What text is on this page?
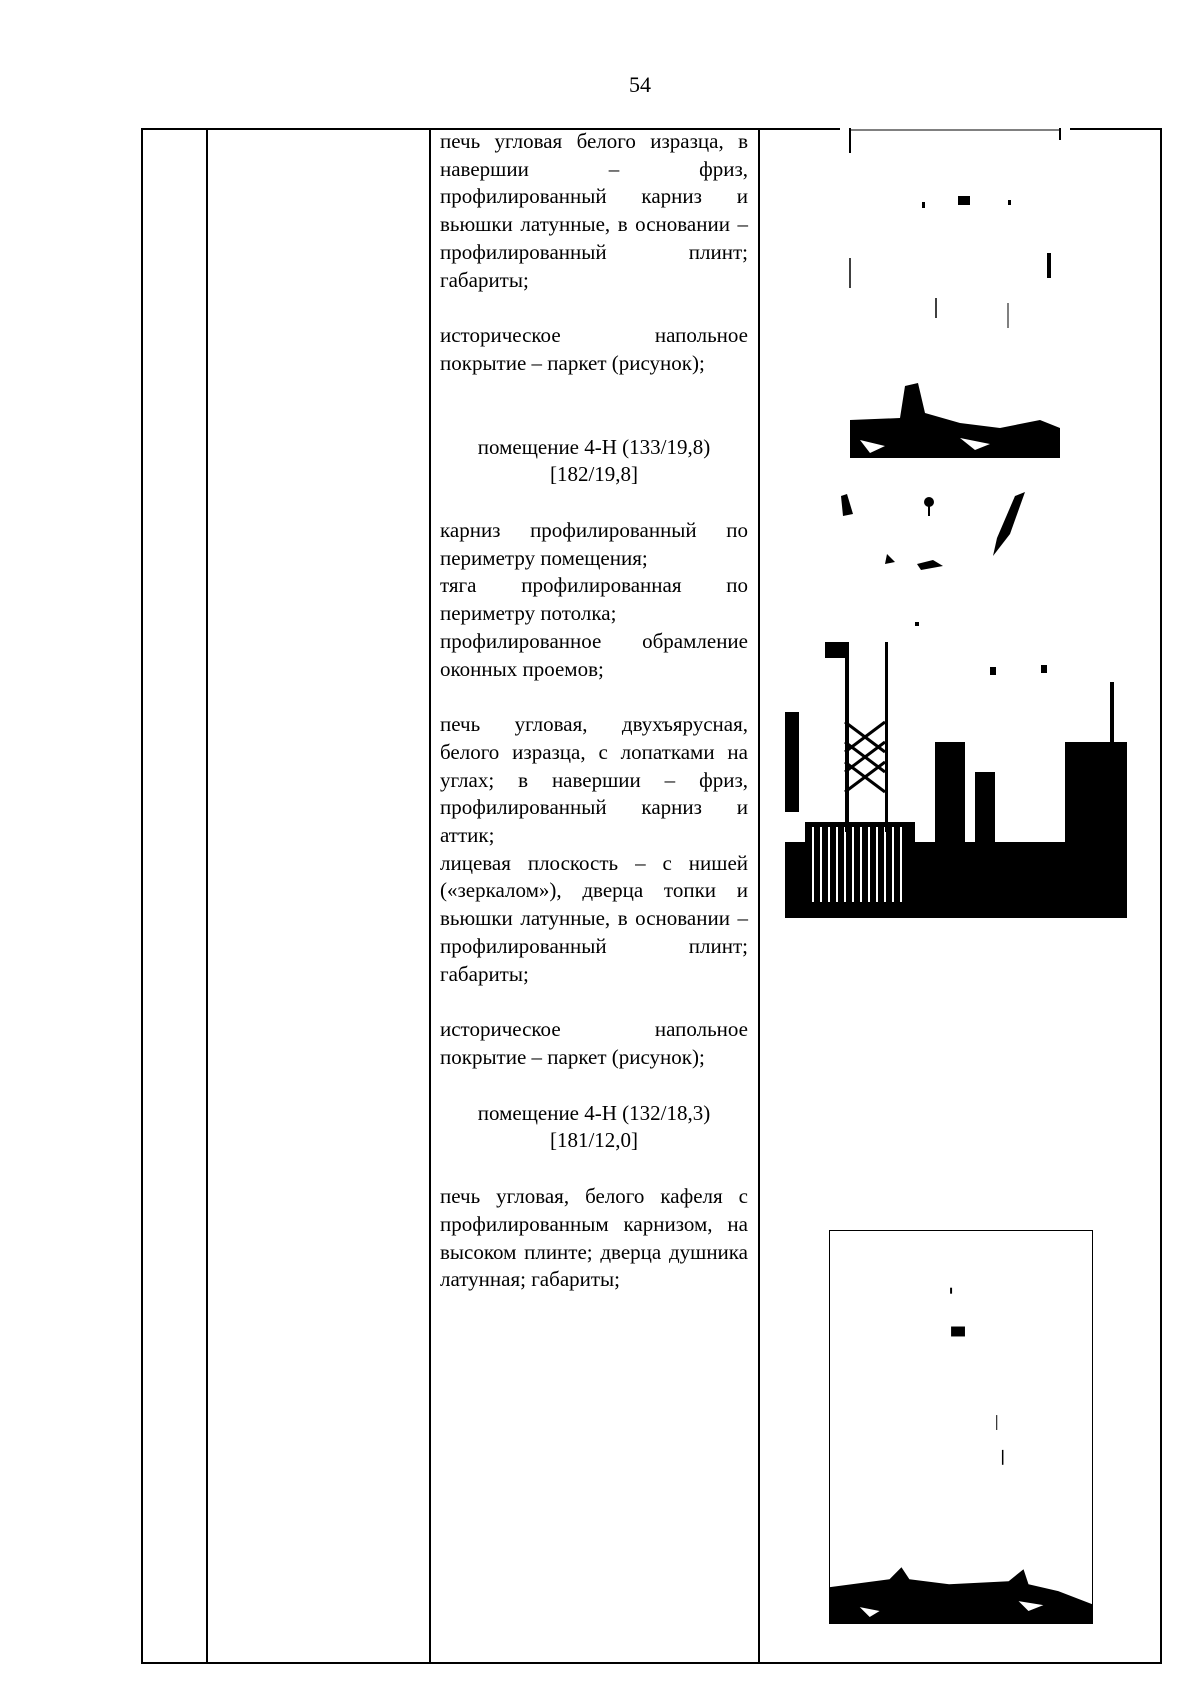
54

печь угловая белого изразца, в навершии – фриз, профилированный карниз и вьюшки латунные, в основании – профилированный плинт; габариты;

историческое напольное покрытие – паркет (рисунок);

помещение 4-Н (133/19,8)

[182/19,8]

карниз профилированный по периметру помещения;

тяга профилированная по периметру потолка;

профилированное обрамление оконных проемов;

печь угловая, двухъярусная, белого изразца, с лопатками на углах; в навершии – фриз, профилированный карниз и аттик;

лицевая плоскость – с нишей («зеркалом»), дверца топки и вьюшки латунные, в основании – профилированный плинт; габариты;

историческое напольное покрытие – паркет (рисунок);

помещение 4-Н (132/18,3)

[181/12,0]

печь угловая, белого кафеля с профилированным карнизом, на высоком плинте; дверца душника латунная; габариты;
